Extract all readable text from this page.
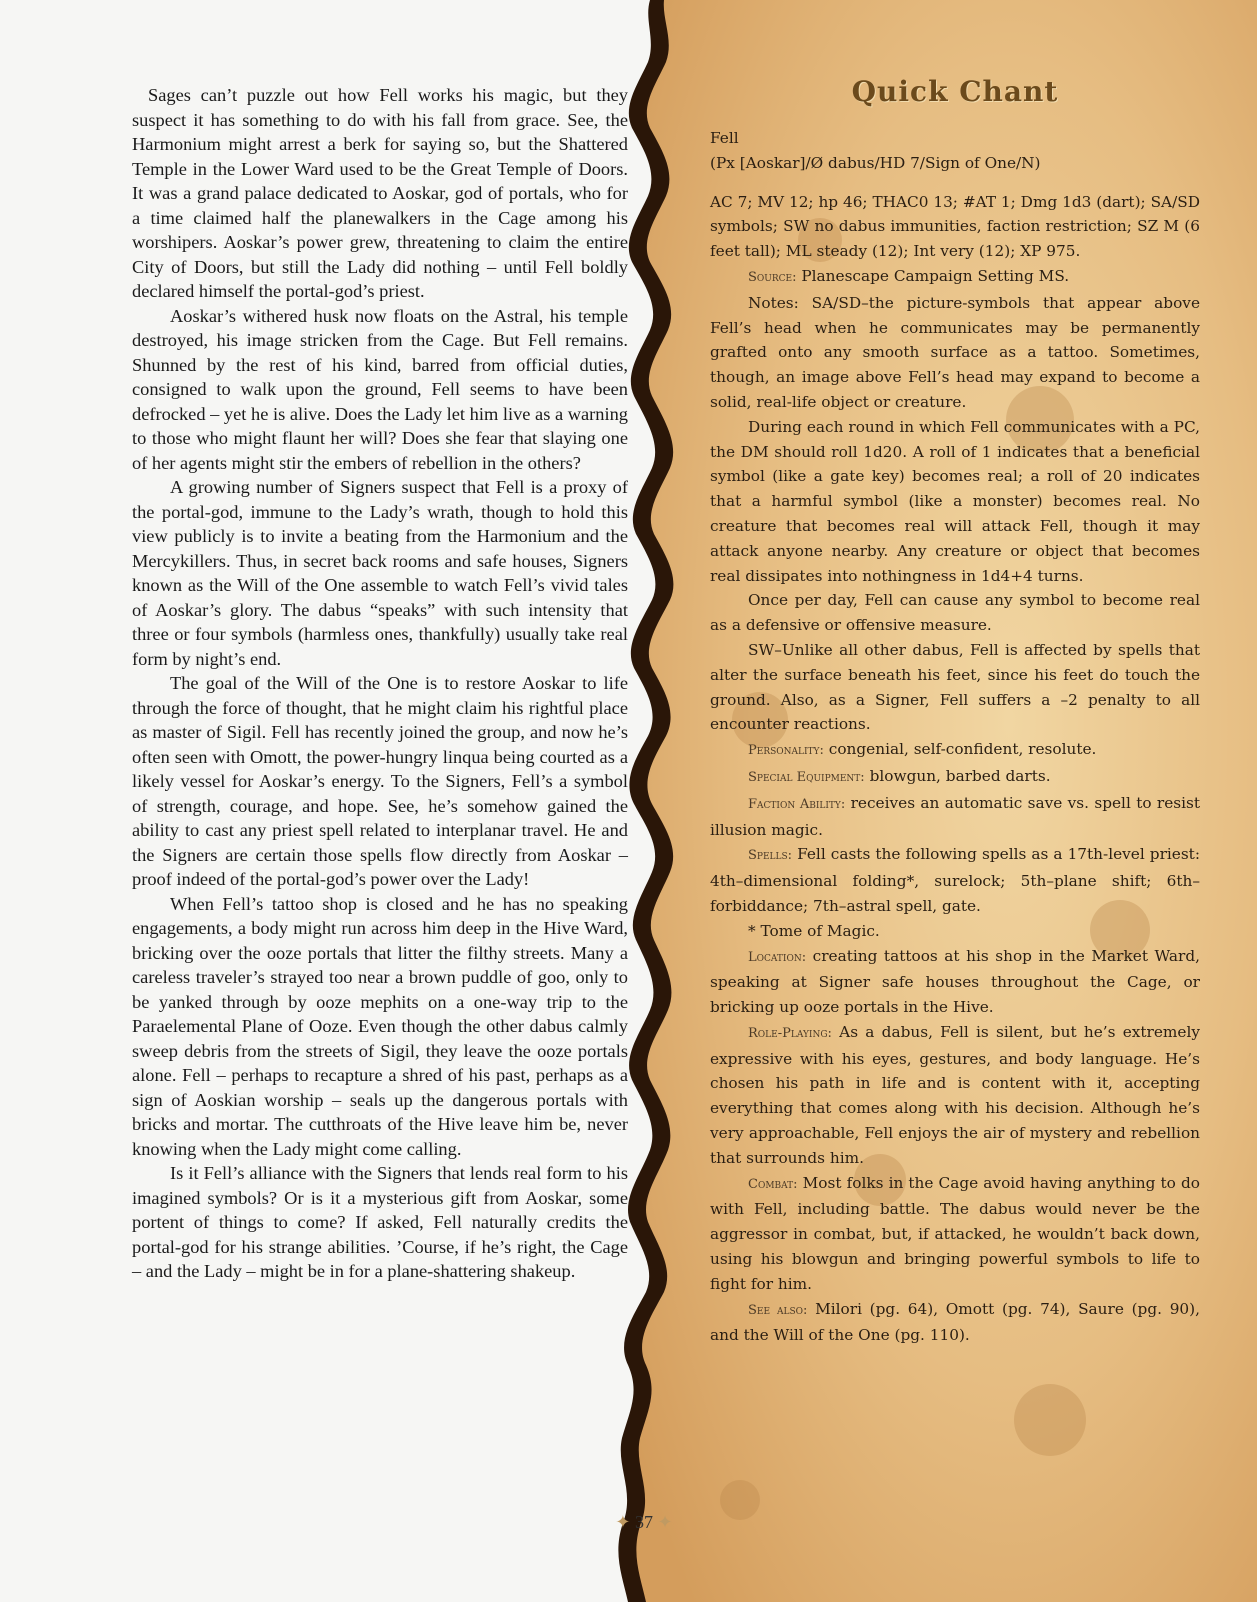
Sages can’t puzzle out how Fell works his magic, but they suspect it has something to do with his fall from grace. See, the Harmonium might arrest a berk for saying so, but the Shattered Temple in the Lower Ward used to be the Great Temple of Doors. It was a grand palace dedicated to Aoskar, god of portals, who for a time claimed half the planewalkers in the Cage among his worshipers. Aoskar’s power grew, threatening to claim the entire City of Doors, but still the Lady did nothing – until Fell boldly declared himself the portal-god’s priest.

Aoskar’s withered husk now floats on the Astral, his temple destroyed, his image stricken from the Cage. But Fell remains. Shunned by the rest of his kind, barred from official duties, consigned to walk upon the ground, Fell seems to have been defrocked – yet he is alive. Does the Lady let him live as a warning to those who might flaunt her will? Does she fear that slaying one of her agents might stir the embers of rebellion in the others?

A growing number of Signers suspect that Fell is a proxy of the portal-god, immune to the Lady’s wrath, though to hold this view publicly is to invite a beating from the Harmonium and the Mercykillers. Thus, in secret back rooms and safe houses, Signers known as the Will of the One assemble to watch Fell’s vivid tales of Aoskar’s glory. The dabus “speaks” with such intensity that three or four symbols (harmless ones, thankfully) usually take real form by night’s end.

The goal of the Will of the One is to restore Aoskar to life through the force of thought, that he might claim his rightful place as master of Sigil. Fell has recently joined the group, and now he’s often seen with Omott, the power-hungry linqua being courted as a likely vessel for Aoskar’s energy. To the Signers, Fell’s a symbol of strength, courage, and hope. See, he’s somehow gained the ability to cast any priest spell related to interplanar travel. He and the Signers are certain those spells flow directly from Aoskar – proof indeed of the portal-god’s power over the Lady!

When Fell’s tattoo shop is closed and he has no speaking engagements, a body might run across him deep in the Hive Ward, bricking over the ooze portals that litter the filthy streets. Many a careless traveler’s strayed too near a brown puddle of goo, only to be yanked through by ooze mephits on a one-way trip to the Paraelemental Plane of Ooze. Even though the other dabus calmly sweep debris from the streets of Sigil, they leave the ooze portals alone. Fell – perhaps to recapture a shred of his past, perhaps as a sign of Aoskian worship – seals up the dangerous portals with bricks and mortar. The cutthroats of the Hive leave him be, never knowing when the Lady might come calling.

Is it Fell’s alliance with the Signers that lends real form to his imagined symbols? Or is it a mysterious gift from Aoskar, some portent of things to come? If asked, Fell naturally credits the portal-god for his strange abilities. ’Course, if he’s right, the Cage – and the Lady – might be in for a plane-shattering shakeup.

Quick Chant
Fell
(Px [Aoskar]/Ø dabus/HD 7/Sign of One/N)

AC 7; MV 12; hp 46; THAC0 13; #AT 1; Dmg 1d3 (dart); SA/SD symbols; SW no dabus immunities, faction restriction; SZ M (6 feet tall); ML steady (12); Int very (12); XP 975.

Source: Planescape Campaign Setting MS.

Notes: SA/SD–the picture-symbols that appear above Fell’s head when he communicates may be permanently grafted onto any smooth surface as a tattoo. Sometimes, though, an image above Fell’s head may expand to become a solid, real-life object or creature.

During each round in which Fell communicates with a PC, the DM should roll 1d20. A roll of 1 indicates that a beneficial symbol (like a gate key) becomes real; a roll of 20 indicates that a harmful symbol (like a monster) becomes real. No creature that becomes real will attack Fell, though it may attack anyone nearby. Any creature or object that becomes real dissipates into nothingness in 1d4+4 turns.

Once per day, Fell can cause any symbol to become real as a defensive or offensive measure.

SW–Unlike all other dabus, Fell is affected by spells that alter the surface beneath his feet, since his feet do touch the ground. Also, as a Signer, Fell suffers a –2 penalty to all encounter reactions.

Personality: congenial, self-confident, resolute.

Special Equipment: blowgun, barbed darts.

Faction Ability: receives an automatic save vs. spell to resist illusion magic.

Spells: Fell casts the following spells as a 17th-level priest: 4th–dimensional folding*, surelock; 5th–plane shift; 6th–forbiddance; 7th–astral spell, gate.

* Tome of Magic.

Location: creating tattoos at his shop in the Market Ward, speaking at Signer safe houses throughout the Cage, or bricking up ooze portals in the Hive.

Role-Playing: As a dabus, Fell is silent, but he’s extremely expressive with his eyes, gestures, and body language. He’s chosen his path in life and is content with it, accepting everything that comes along with his decision. Although he’s very approachable, Fell enjoys the air of mystery and rebellion that surrounds him.

Combat: Most folks in the Cage avoid having anything to do with Fell, including battle. The dabus would never be the aggressor in combat, but, if attacked, he wouldn’t back down, using his blowgun and bringing powerful symbols to life to fight for him.

See also: Milori (pg. 64), Omott (pg. 74), Saure (pg. 90), and the Will of the One (pg. 110).

✦ 37 ✦
